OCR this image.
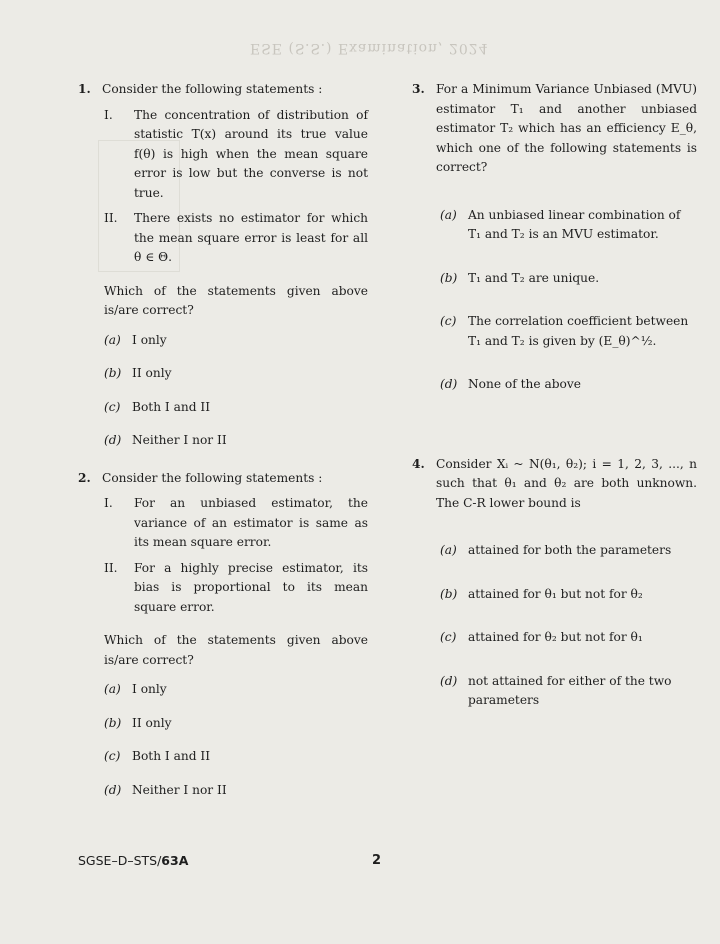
ESE (S.S.) Examination, 2024
1. Consider the following statements :
I.	The concentration of distribution of statistic T(x) around its true value f(θ) is high when the mean square error is low but the converse is not true.
II.	There exists no estimator for which the mean square error is least for all θ ∈ Θ.
Which of the statements given above is/are correct?
(a) I only
(b) II only
(c) Both I and II
(d) Neither I nor II
2. Consider the following statements :
I.	For an unbiased estimator, the variance of an estimator is same as its mean square error.
II.	For a highly precise estimator, its bias is proportional to its mean square error.
Which of the statements given above is/are correct?
(a) I only
(b) II only
(c) Both I and II
(d) Neither I nor II
3. For a Minimum Variance Unbiased (MVU) estimator T₁ and another unbiased estimator T₂ which has an efficiency E_θ, which one of the following statements is correct?
(a) An unbiased linear combination of T₁ and T₂ is an MVU estimator.
(b) T₁ and T₂ are unique.
(c) The correlation coefficient between T₁ and T₂ is given by (E_θ)^½.
(d) None of the above
4. Consider Xᵢ ~ N(θ₁, θ₂); i = 1, 2, 3, ..., n such that θ₁ and θ₂ are both unknown. The C-R lower bound is
(a) attained for both the parameters
(b) attained for θ₁ but not for θ₂
(c) attained for θ₂ but not for θ₁
(d) not attained for either of the two parameters
SGSE–D–STS/63A	2
